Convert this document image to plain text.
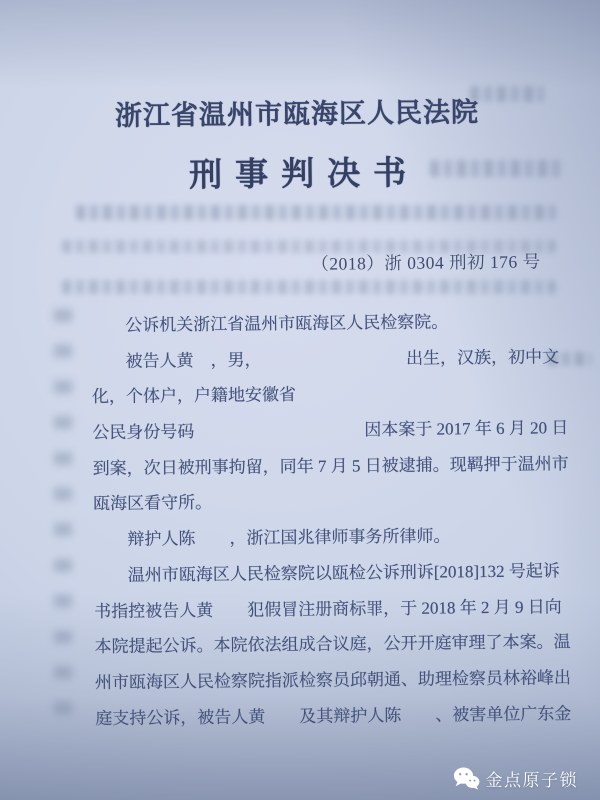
浙江省温州市瓯海区人民法院
刑事判决书
（2018）浙 0304 刑初 176 号
公诉机关浙江省温州市瓯海区人民检察院。
被告人黄　，男，　　　　　　　　　出生，汉族，初中文
化，个体户，户籍地安徽省
公民身份号码　　　　　　　　　　因本案于 2017 年 6 月 20 日
到案，次日被刑事拘留，同年 7 月 5 日被逮捕。现羁押于温州市
瓯海区看守所。
辩护人陈　　，浙江国兆律师事务所律师。
温州市瓯海区人民检察院以瓯检公诉刑诉[2018]132 号起诉
书指控被告人黄　　犯假冒注册商标罪，于 2018 年 2 月 9 日向
本院提起公诉。本院依法组成合议庭，公开开庭审理了本案。温
州市瓯海区人民检察院指派检察员邱朝通、助理检察员林裕峰出
庭支持公诉，被告人黄　　及其辩护人陈　　、被害单位广东金
金点原子锁
